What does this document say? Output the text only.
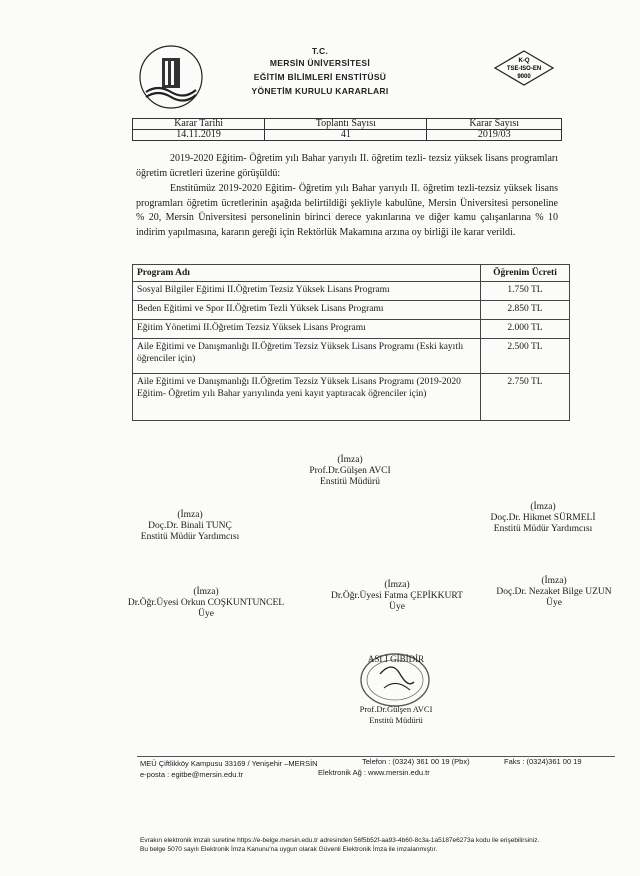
K-Q
TSE-ISO-EN
9000
T.C.
MERSİN ÜNİVERSİTESİ
EĞİTİM BİLİMLERİ ENSTİTÜSÜ
YÖNETİM KURULU KARARLARI
Karar Tarihi	Toplantı Sayısı	Karar Sayısı
14.11.2019	41	2019/03
2019-2020 Eğitim- Öğretim yılı Bahar yarıyılı II. öğretim tezli- tezsiz yüksek lisans programları öğretim ücretleri üzerine görüşüldü:
Enstitümüz 2019-2020 Eğitim- Öğretim yılı Bahar yarıyılı II. öğretim tezli-tezsiz yüksek lisans programları öğretim ücretlerinin aşağıda belirtildiği şekliyle kabulüne, Mersin Üniversitesi personeline % 20, Mersin Üniversitesi personelinin birinci derece yakınlarına ve diğer kamu çalışanlarına % 10 indirim yapılmasına, kararın gereği için Rektörlük Makamına arzına oy birliği ile karar verildi.
Program Adı	Öğrenim Ücreti
Sosyal Bilgiler Eğitimi II.Öğretim Tezsiz Yüksek Lisans Programı	1.750 TL
Beden Eğitimi ve Spor II.Öğretim Tezli Yüksek Lisans Programı	2.850 TL
Eğitim Yönetimi II.Öğretim Tezsiz Yüksek Lisans Programı	2.000 TL
Aile Eğitimi ve Danışmanlığı II.Öğretim Tezsiz Yüksek Lisans Programı (Eski kayıtlı öğrenciler için)	2.500 TL
Aile Eğitimi ve Danışmanlığı II.Öğretim Tezsiz Yüksek Lisans Programı (2019-2020 Eğitim- Öğretim yılı Bahar yarıyılında yeni kayıt yaptıracak öğrenciler için)	2.750 TL
(İmza)
Prof.Dr.Gülşen AVCI
Enstitü Müdürü
(İmza)
Doç.Dr. Binali TUNÇ
Enstitü Müdür Yardımcısı
(İmza)
Doç.Dr. Hikmet SÜRMELİ
Enstitü Müdür Yardımcısı
(İmza)
Dr.Öğr.Üyesi Orkun COŞKUNTUNCEL
Üye
(İmza)
Dr.Öğr.Üyesi Fatma ÇEPİKKURT
Üye
(İmza)
Doç.Dr. Nezaket Bilge UZUN
Üye
ASLI GİBİDİR
Prof.Dr.Gülşen AVCI
Enstitü Müdürü
MEÜ Çiftlikköy Kampusu 33169 / Yenişehir –MERSİN	Telefon : (0324) 361 00 19 (Pbx)	Faks : (0324)361 00 19
e-posta : egitbe@mersin.edu.tr	Elektronik Ağ : www.mersin.edu.tr
Evrakın elektronik imzalı suretine https://e-belge.mersin.edu.tr adresinden 56f5b52f-aa93-4b60-8c3a-1a5187e6273a kodu ile erişebilirsiniz.
Bu belge 5070 sayılı Elektronik İmza Kanunu'na uygun olarak Güvenli Elektronik İmza ile imzalanmıştır.
